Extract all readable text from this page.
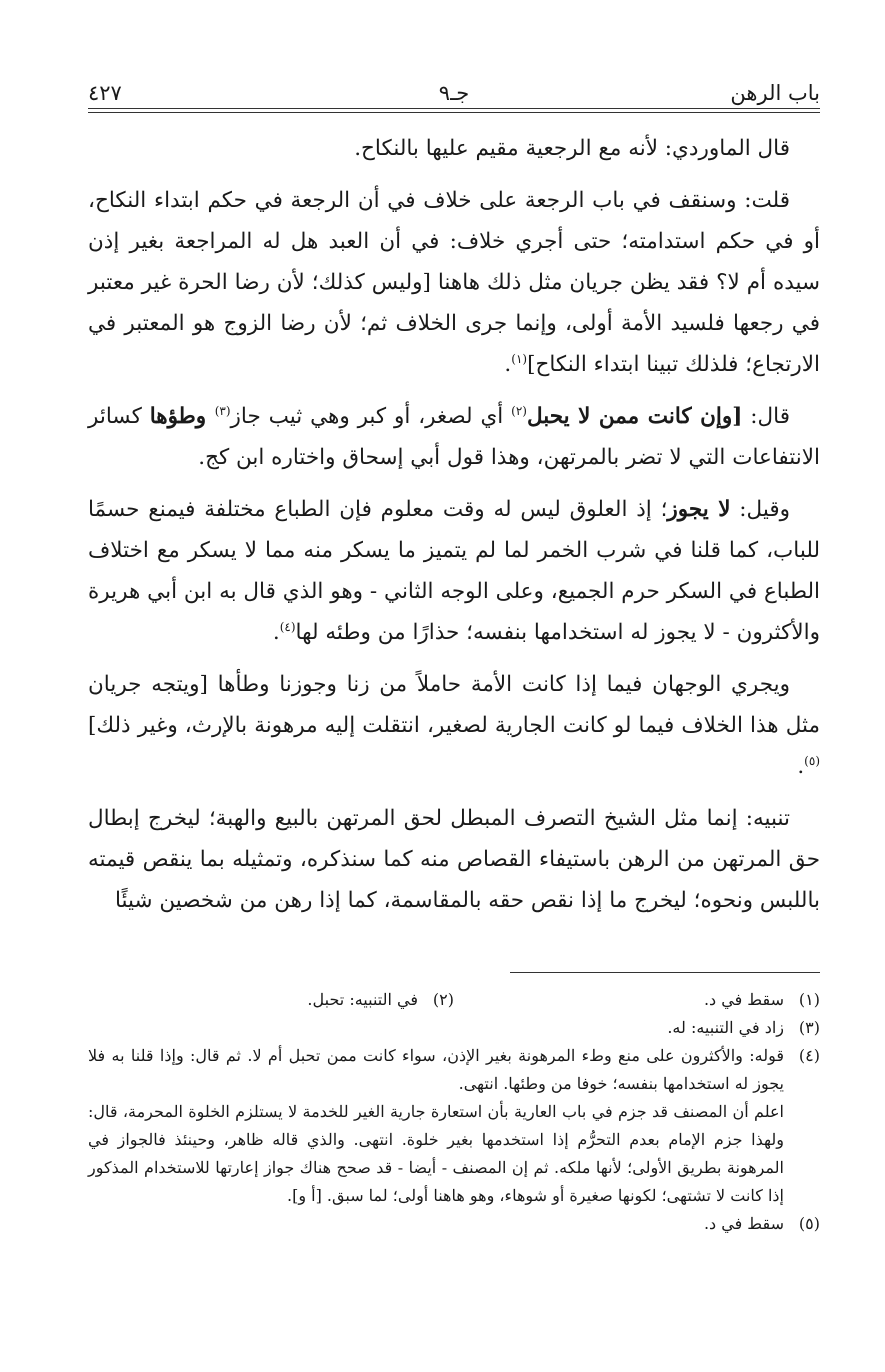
باب الرهن
جـ٩
٤٢٧

قال الماوردي: لأنه مع الرجعية مقيم عليها بالنكاح.

قلت: وسنقف في باب الرجعة على خلاف في أن الرجعة في حكم ابتداء النكاح، أو في حكم استدامته؛ حتى أجري خلاف: في أن العبد هل له المراجعة بغير إذن سيده أم لا؟ فقد يظن جريان مثل ذلك هاهنا [وليس كذلك؛ لأن رضا الحرة غير معتبر في رجعها فلسيد الأمة أولى، وإنما جرى الخلاف ثم؛ لأن رضا الزوج هو المعتبر في الارتجاع؛ فلذلك تبينا ابتداء النكاح]$^{(١)}$.

قال: [وإن كانت ممن لا يحبل$^{(٢)}$ أي لصغر، أو كبر وهي ثيب جاز$^{(٣)}$ وطؤها كسائر الانتفاعات التي لا تضر بالمرتهن، وهذا قول أبي إسحاق واختاره ابن كج.

وقيل: لا يجوز؛ إذ العلوق ليس له وقت معلوم فإن الطباع مختلفة فيمنع حسمًا للباب، كما قلنا في شرب الخمر لما لم يتميز ما يسكر منه مما لا يسكر مع اختلاف الطباع في السكر حرم الجميع، وعلى الوجه الثاني - وهو الذي قال به ابن أبي هريرة والأكثرون - لا يجوز له استخدامها بنفسه؛ حذارًا من وطئه لها$^{(٤)}$.

ويجري الوجهان فيما إذا كانت الأمة حاملاً من زنا وجوزنا وطأها [ويتجه جريان مثل هذا الخلاف فيما لو كانت الجارية لصغير، انتقلت إليه مرهونة بالإرث، وغير ذلك]$^{(٥)}$.

تنبيه: إنما مثل الشيخ التصرف المبطل لحق المرتهن بالبيع والهبة؛ ليخرج إبطال حق المرتهن من الرهن باستيفاء القصاص منه كما سنذكره، وتمثيله بما ينقص قيمته باللبس ونحوه؛ ليخرج ما إذا نقص حقه بالمقاسمة، كما إذا رهن من شخصين شيئًا

(١)
سقط في د.
(٢)
في التنبيه: تحبل.
(٣)
زاد في التنبيه: له.
(٤)
قوله: والأكثرون على منع وطء المرهونة بغير الإذن، سواء كانت ممن تحبل أم لا. ثم قال: وإذا قلنا به فلا يجوز له استخدامها بنفسه؛ خوفا من وطئها. انتهى.
اعلم أن المصنف قد جزم في باب العارية بأن استعارة جارية الغير للخدمة لا يستلزم الخلوة المحرمة، قال: ولهذا جزم الإمام بعدم التحرُّم إذا استخدمها بغير خلوة. انتهى. والذي قاله ظاهر، وحينئذ فالجواز في المرهونة بطريق الأولى؛ لأنها ملكه. ثم إن المصنف - أيضا - قد صحح هناك جواز إعارتها للاستخدام المذكور إذا كانت لا تشتهى؛ لكونها صغيرة أو شوهاء، وهو هاهنا أولى؛ لما سبق. [أ و].
(٥)
سقط في د.
